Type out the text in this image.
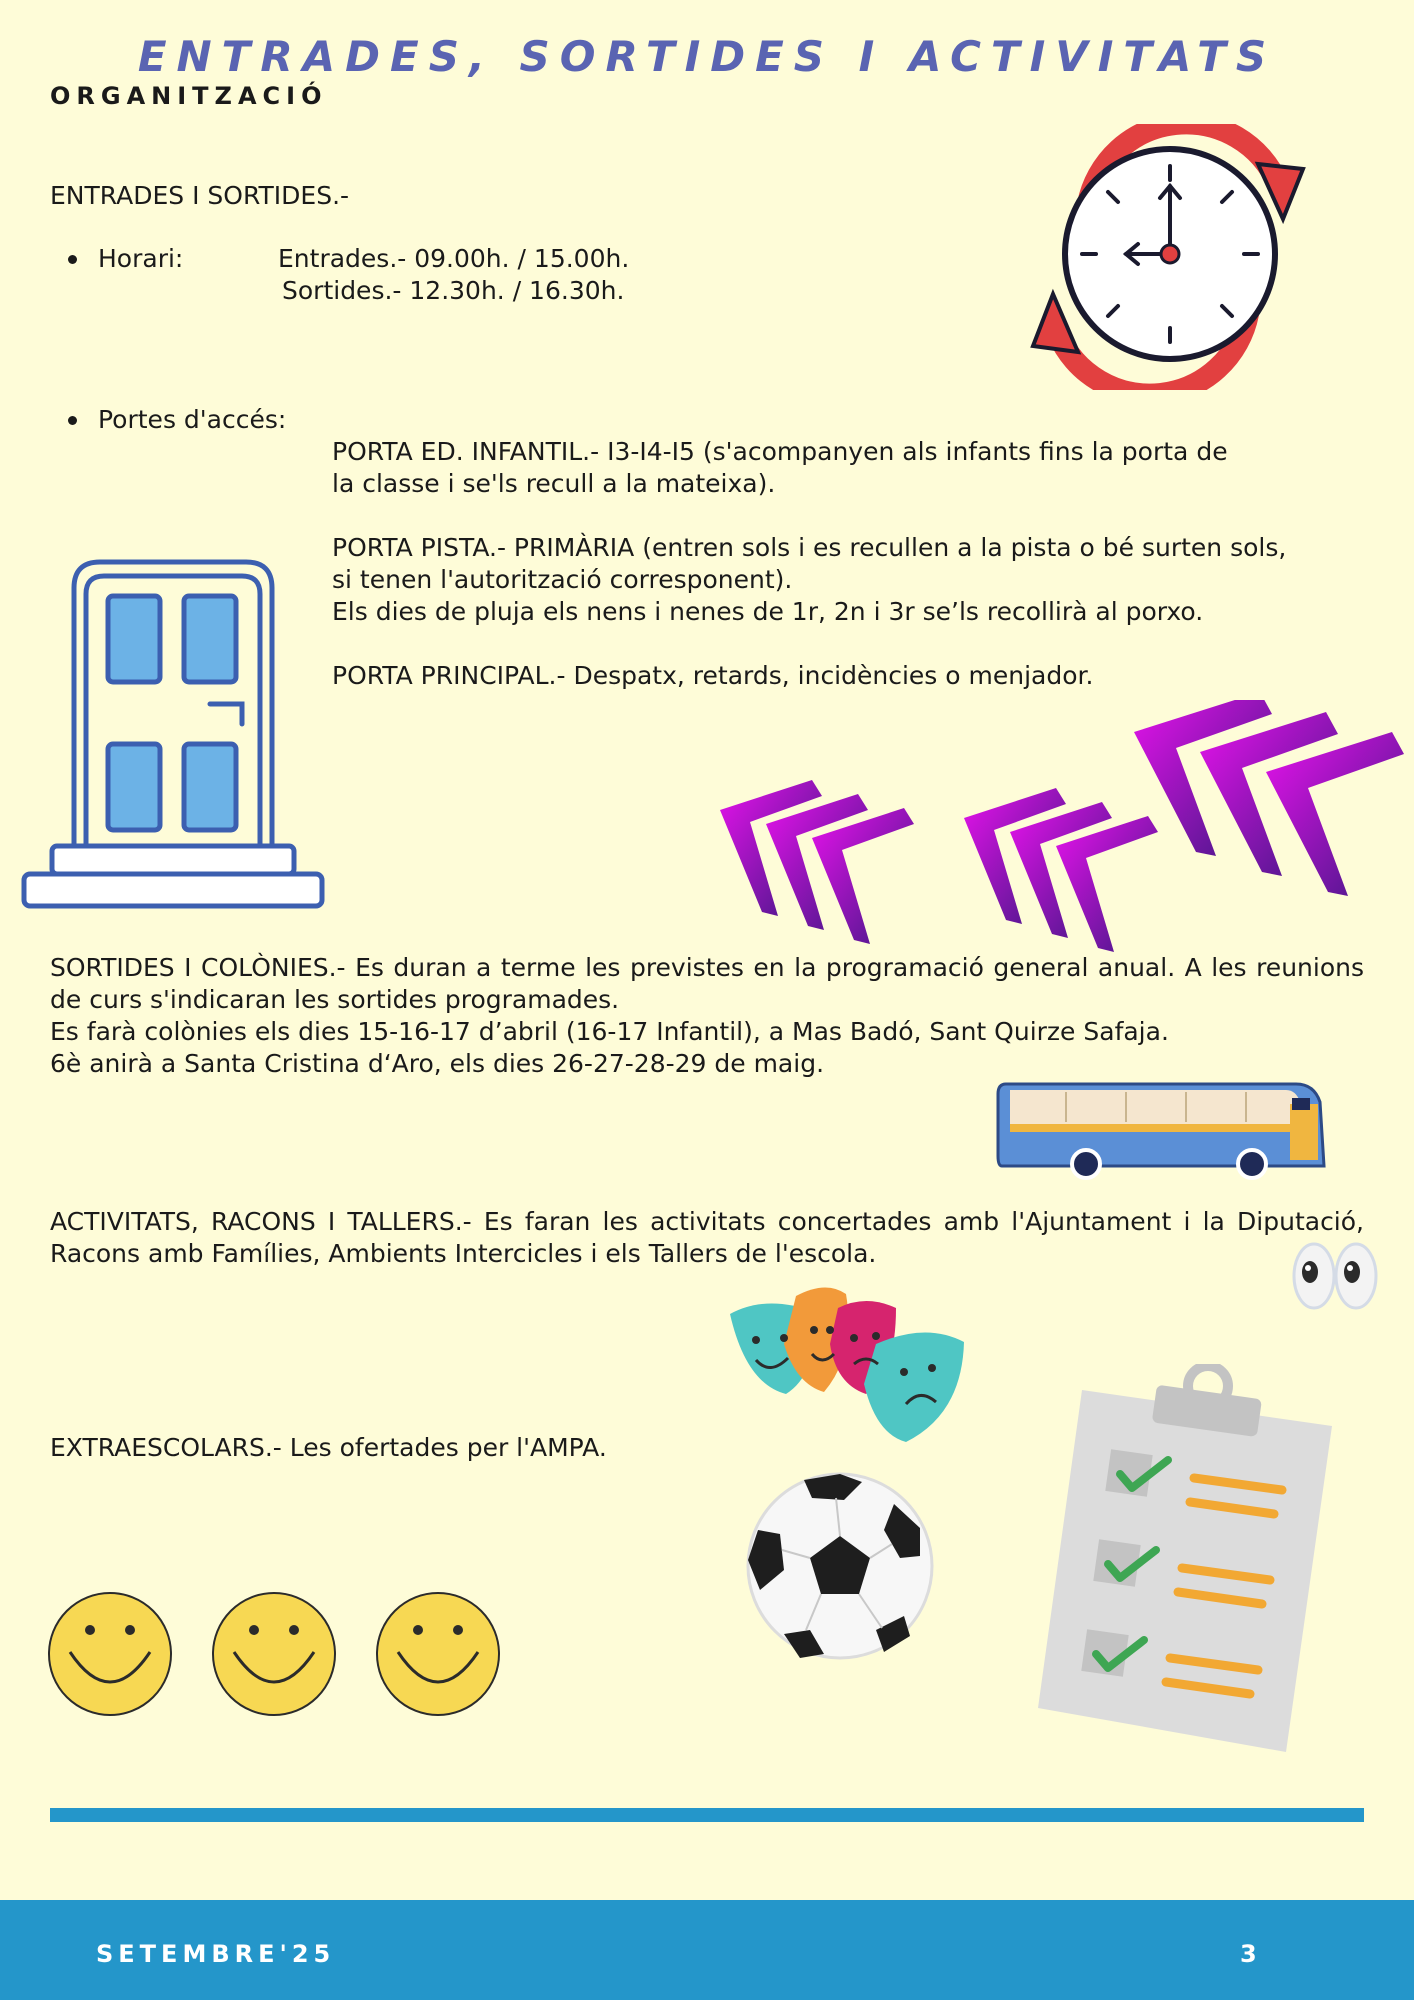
ENTRADES, SORTIDES I ACTIVITATS
ORGANITZACIÓ
ENTRADES I SORTIDES.-
Horari:	Entrades.- 09.00h. / 15.00h.
Sortides.- 12.30h. / 16.30h.
Portes d'accés:
PORTA ED. INFANTIL.- I3-I4-I5 (s'acompanyen als infants fins la porta de
la classe i se'ls recull a la mateixa).
PORTA PISTA.- PRIMÀRIA (entren sols i es recullen a la pista o bé surten sols,
si tenen l'autorització corresponent).
Els dies de pluja els nens i nenes de 1r, 2n i 3r se’ls recollirà al porxo.
PORTA PRINCIPAL.- Despatx, retards, incidències o menjador.
SORTIDES I COLÒNIES.- Es duran a terme les previstes en la programació general anual. A les reunions de curs s'indicaran les sortides programades.
Es farà colònies els dies 15-16-17 d’abril (16-17 Infantil), a Mas Badó, Sant Quirze Safaja.
6è anirà a Santa Cristina d‘Aro, els dies 26-27-28-29 de maig.
ACTIVITATS, RACONS I TALLERS.- Es faran les activitats concertades amb l'Ajuntament i la Diputació, Racons amb Famílies, Ambients Intercicles i els Tallers de l'escola.
EXTRAESCOLARS.- Les ofertades per l'AMPA.
SETEMBRE'25	3
